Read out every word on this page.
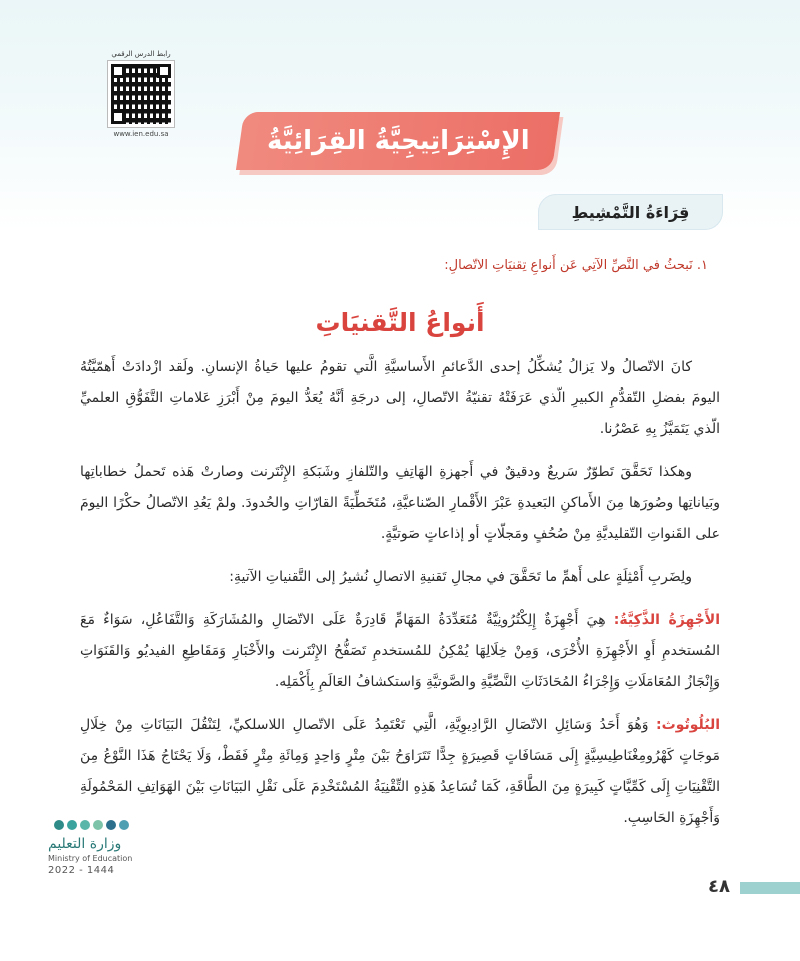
رابط الدرس الرقمي
www.ien.edu.sa	الإِسْتِرَاتِيجِيَّةُ القِرَائِيَّةُ
قِرَاءَةُ التَّمْشِيطِ
١. نَبحثُ في النَّصِّ الآتِي عَن أَنواعِ تِقنيَاتِ الاتّصالِ:
أَنواعُ التَّقنيَاتِ

كانَ الاتّصالُ ولا يَزالُ يُشكِّلُ إحدى الدَّعائمِ الأَساسيَّةِ الَّتي تقومُ عليها حَياةُ الإنسانِ. ولَقد ازْدادَتْ أَهمّيَّتُهُ اليومَ بفضلِ التّقدُّمِ الكبيرِ الّذي عَرَفَتْهُ تقنيّةُ الاتّصالِ، إلى درجَةِ أنَّهُ يُعَدُّ اليومَ مِنْ أَبْرَزِ عَلاماتِ التَّفَوُّقِ العلميِّ الّذي يَتَمَيَّزُ بِهِ عَصْرُنا.

وهكذا تَحَقَّقَ تَطوّرٌ سَريعٌ ودقيقٌ في أَجهزةِ الهَاتِفِ والتّلفازِ وشَبَكةِ الإِنْتَرنت وصارتْ هَذه تَحملُ خطاباتِها وبَياناتِها وصُورَها مِنَ الأَماكنِ البَعيدةِ عَبْرَ الأَقْمارِ الصّناعيَّةِ، مُتَخَطِّيَةً القارّاتِ والحُدودَ. ولمْ يَعُدِ الاتّصالُ حكْرًا اليومَ على القَنواتِ التّقليديَّةِ مِنْ صُحُفٍ ومَجلّاتٍ أو إذاعاتٍ صَوتيَّةٍ.

ولِضَربِ أَمْثِلَةٍ على أَهمِّ ما تَحَقَّقَ في مجالِ تَقنيةِ الاتصالِ نُشيرُ إلى التَّقنياتِ الآتيةِ:

الأَجْهِزَةُ الذَّكِيَّةُ: هِيَ أَجْهِزَةٌ إِلِكْتُرُونِيَّةٌ مُتَعَدِّدَةُ المَهَامِّ قَادِرَةٌ عَلَى الاتّصَالِ والمُشَارَكَةِ وَالتَّفَاعُلِ، سَوَاءٌ مَعَ المُستخدمِ أَوِ الأَجْهِزَةِ الأُخْرَى، وَمِنْ خِلَالِهَا يُمْكِنُ للمُستخدمِ تَصَفُّحُ الإِنْتَرنت والأَخْبَارِ وَمَقَاطِعِ الفيديُو وَالقَنَوَاتِ وَإِنْجَازُ المُعَامَلَاتِ وَإِجْرَاءُ المُحَادَثَاتِ النَّصِّيَّةِ والصَّوتيَّةِ وَاستكشافُ العَالَمِ بِأَكْمَلِه.

البُلُوتُوث: وَهُوَ أَحَدُ وَسَائِلِ الاتّصَالِ الرَّادِيوِيَّةِ، الَّتِي تَعْتَمِدُ عَلَى الاتّصالِ اللاسلكيِّ، لِتَنْقُلَ البَيَانَاتِ مِنْ خِلَالِ مَوجَاتٍ كَهْرُومِغْنَاطِيسِيَّةٍ إِلَى مَسَافَاتٍ قَصِيرَةٍ جِدًّا تَتَرَاوَحُ بَيْنَ مِتْرٍ وَاحِدٍ وَمِائَةِ مِتْرٍ فَقَطْ، وَلَا يَحْتَاجُ هَذَا النَّوْعُ مِنَ التَّقْنِيَاتِ إِلَى كَمِّيَّاتٍ كَبِيرَةٍ مِنَ الطَّاقَةِ، كَمَا تُسَاعِدُ هَذِهِ التِّقْنِيَةُ المُسْتَخْدِمَ عَلَى نَقْلِ البَيَانَاتِ بَيْنَ الهَوَاتِفِ المَحْمُولَةِ وَأَجْهِزَةِ الحَاسِبِ.

وزارة التعليم
Ministry of Education
2022 - 1444
٤٨
